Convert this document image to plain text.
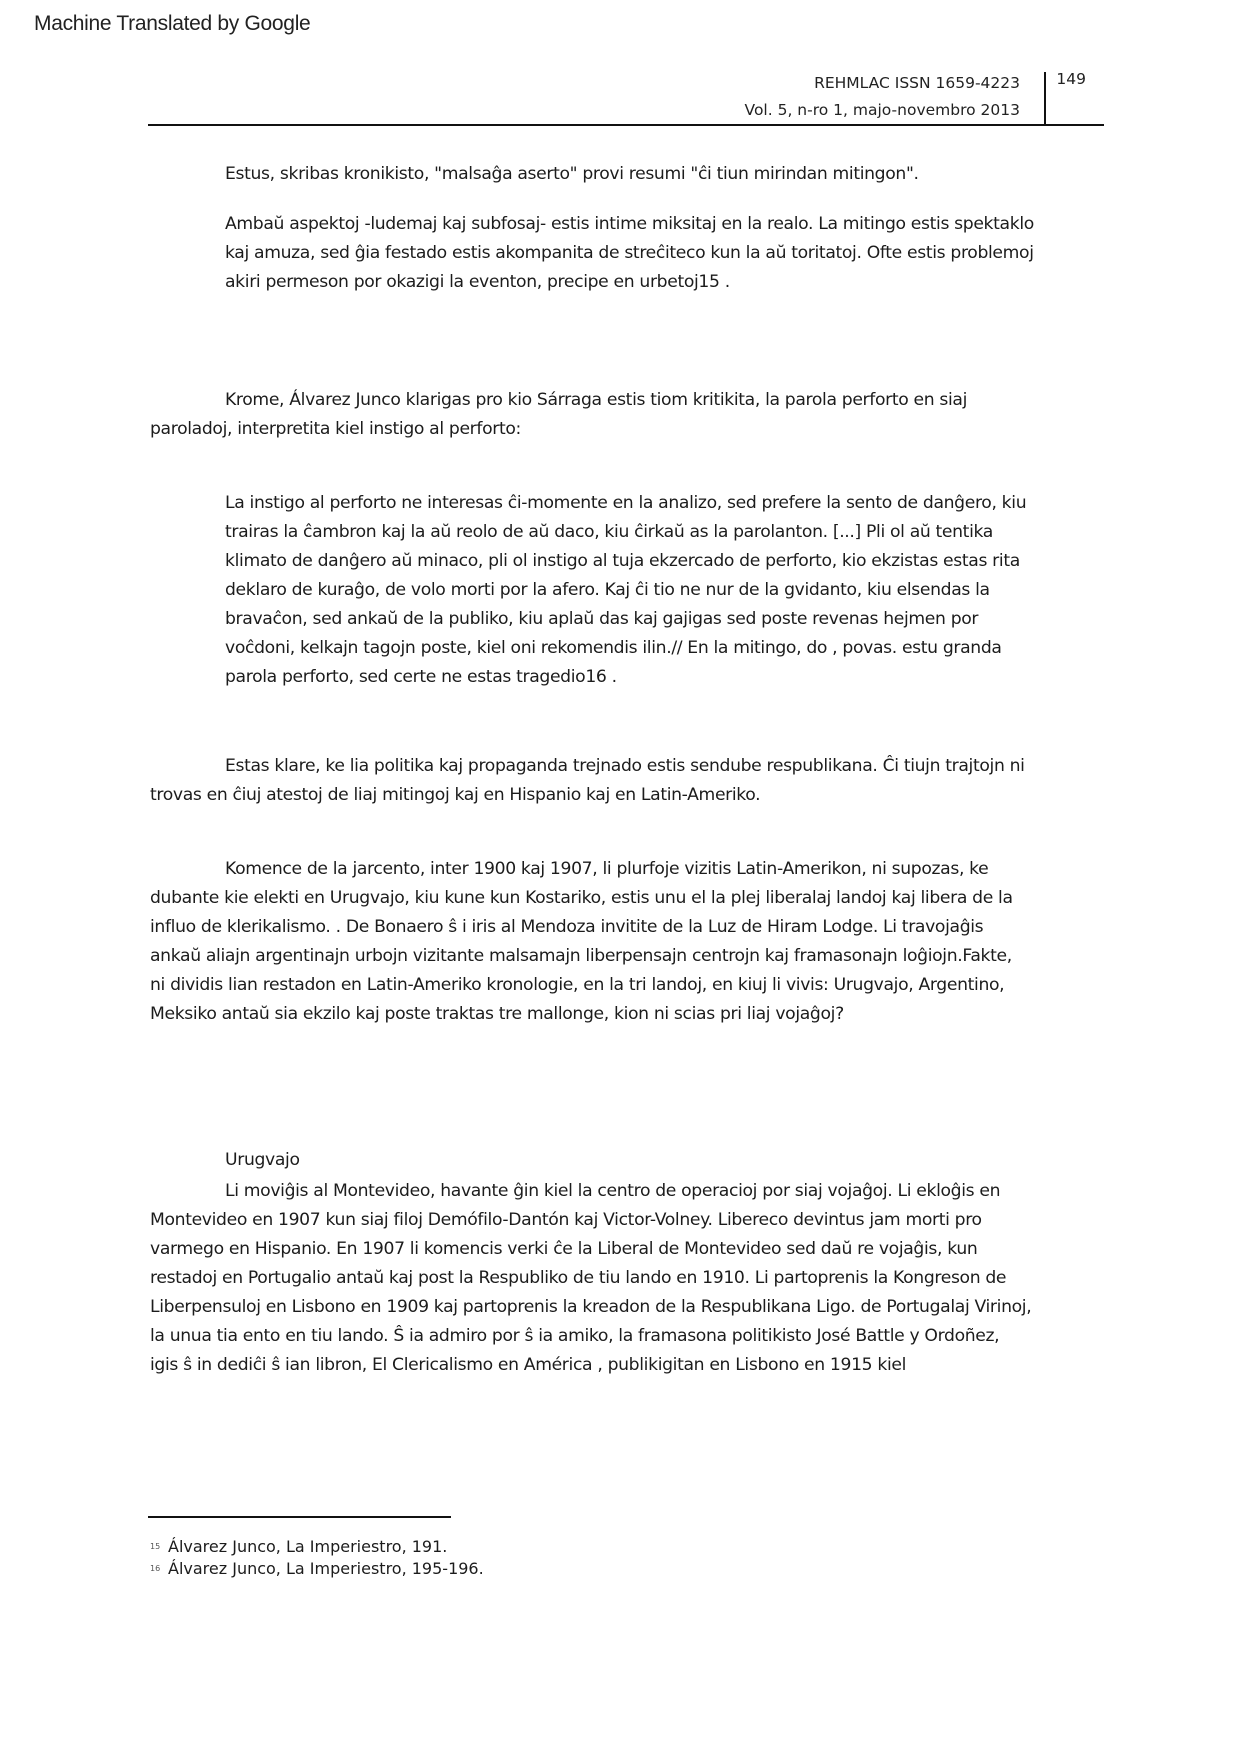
Machine Translated by Google
REHMLAC ISSN 1659-4223
Vol. 5, n-ro 1, majo-novembro 2013
149
Estus, skribas kronikisto, "malsaĝa aserto" provi resumi "ĉi tiun mirindan mitingon".
Ambaŭ aspektoj -ludemaj kaj subfosaj- estis intime miksitaj en la realo. La mitingo estis spektaklo
kaj amuza, sed ĝia festado estis akompanita de streĉiteco kun la aŭ toritatoj. Ofte estis problemoj
akiri permeson por okazigi la eventon, precipe en urbetoj15 .
Krome, Álvarez Junco klarigas pro kio Sárraga estis tiom kritikita, la parola perforto en siaj
paroladoj, interpretita kiel instigo al perforto:
La instigo al perforto ne interesas ĉi-momente en la analizo, sed prefere la sento de danĝero, kiu
trairas la ĉambron kaj la aŭ reolo de aŭ daco, kiu ĉirkaŭ as la parolanton. [...] Pli ol aŭ tentika
klimato de danĝero aŭ minaco, pli ol instigo al tuja ekzercado de perforto, kio ekzistas estas rita
deklaro de kuraĝo, de volo morti por la afero. Kaj ĉi tio ne nur de la gvidanto, kiu elsendas la
bravaĉon, sed ankaŭ de la publiko, kiu aplaŭ das kaj gajigas sed poste revenas hejmen por
voĉdoni, kelkajn tagojn poste, kiel oni rekomendis ilin.// En la mitingo, do , povas. estu granda
parola perforto, sed certe ne estas tragedio16 .
Estas klare, ke lia politika kaj propaganda trejnado estis sendube respublikana. Ĉi tiujn trajtojn ni
trovas en ĉiuj atestoj de liaj mitingoj kaj en Hispanio kaj en Latin-Ameriko.
Komence de la jarcento, inter 1900 kaj 1907, li plurfoje vizitis Latin-Amerikon, ni supozas, ke
dubante kie elekti en Urugvajo, kiu kune kun Kostariko, estis unu el la plej liberalaj landoj kaj libera de la
influo de klerikalismo. . De Bonaero ŝ i iris al Mendoza invitite de la Luz de Hiram Lodge. Li travojaĝis
ankaŭ aliajn argentinajn urbojn vizitante malsamajn liberpensajn centrojn kaj framasonajn loĝiojn.Fakte,
ni dividis lian restadon en Latin-Ameriko kronologie, en la tri landoj, en kiuj li vivis: Urugvajo, Argentino,
Meksiko antaŭ sia ekzilo kaj poste traktas tre mallonge, kion ni scias pri liaj vojaĝoj?
Urugvajo
Li moviĝis al Montevideo, havante ĝin kiel la centro de operacioj por siaj vojaĝoj. Li ekloĝis en
Montevideo en 1907 kun siaj filoj Demófilo-Dantón kaj Victor-Volney. Libereco devintus jam morti pro
varmego en Hispanio. En 1907 li komencis verki ĉe la Liberal de Montevideo sed daŭ re vojaĝis, kun
restadoj en Portugalio antaŭ kaj post la Respubliko de tiu lando en 1910. Li partoprenis la Kongreson de
Liberpensuloj en Lisbono en 1909 kaj partoprenis la kreadon de la Respublikana Ligo. de Portugalaj Virinoj,
la unua tia ento en tiu lando. Ŝ ia admiro por ŝ ia amiko, la framasona politikisto José Battle y Ordoñez,
igis ŝ in dediĉi ŝ ian libron, El Clericalismo en América , publikigitan en Lisbono en 1915 kiel
15 Álvarez Junco, La Imperiestro, 191.
16 Álvarez Junco, La Imperiestro, 195-196.
